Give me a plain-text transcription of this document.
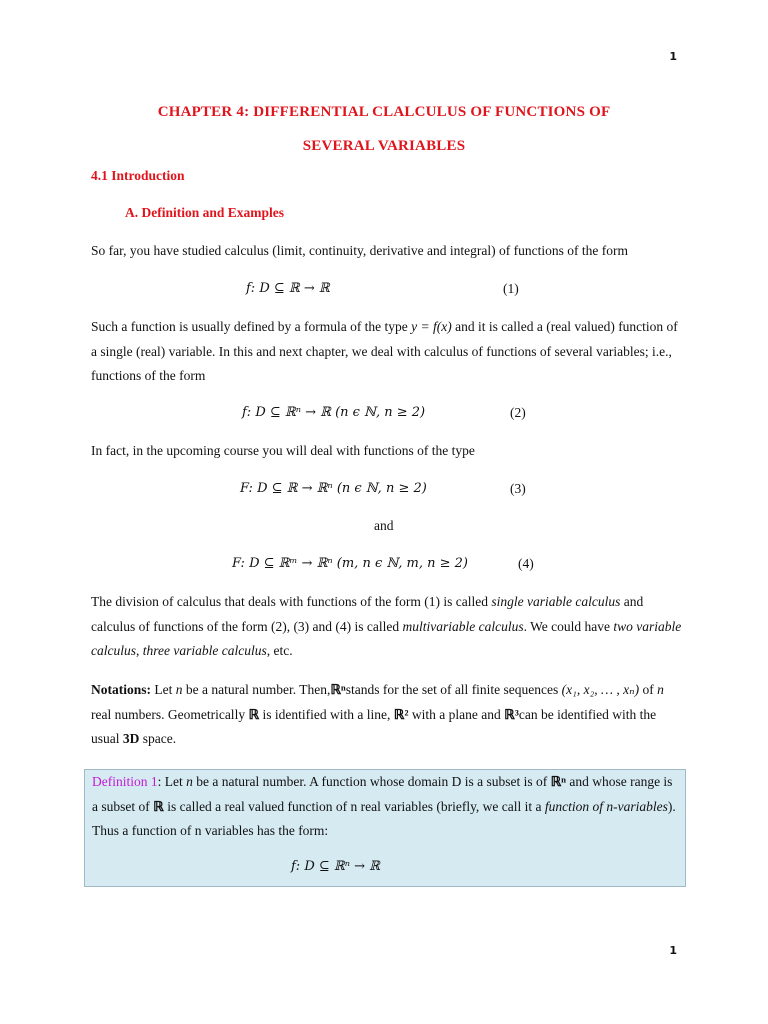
1
CHAPTER 4: DIFFERENTIAL CLALCULUS OF FUNCTIONS OF
SEVERAL VARIABLES
4.1 Introduction
A. Definition and Examples
So far, you have studied calculus (limit, continuity, derivative and integral) of functions of the form
f: D ⊆ ℝ → ℝ	(1)
Such a function is usually defined by a formula of the type y = f(x) and it is called a (real valued) function of a single (real) variable. In this and next chapter, we deal with calculus of functions of several variables; i.e., functions of the form
f: D ⊆ ℝⁿ → ℝ (n ϵ ℕ, n ≥ 2)	(2)
In fact, in the upcoming course you will deal with functions of the type
F: D ⊆ ℝ → ℝⁿ (n ϵ ℕ, n ≥ 2)	(3)
and
F: D ⊆ ℝᵐ → ℝⁿ (m, n ϵ ℕ, m, n ≥ 2)	(4)
The division of calculus that deals with functions of the form (1) is called single variable calculus and calculus of functions of the form (2), (3) and (4) is called multivariable calculus. We could have two variable calculus, three variable calculus, etc.
Notations: Let n be a natural number. Then,ℝⁿstands for the set of all finite sequences (x₁, x₂, … , xₙ) of n real numbers. Geometrically ℝ is identified with a line, ℝ² with a plane and ℝ³can be identified with the usual 3D space.
Definition 1: Let n be a natural number. A function whose domain D is a subset is of ℝⁿ and whose range is a subset of ℝ is called a real valued function of n real variables (briefly, we call it a function of n-variables). Thus a function of n variables has the form:
f: D ⊆ ℝⁿ → ℝ
1
